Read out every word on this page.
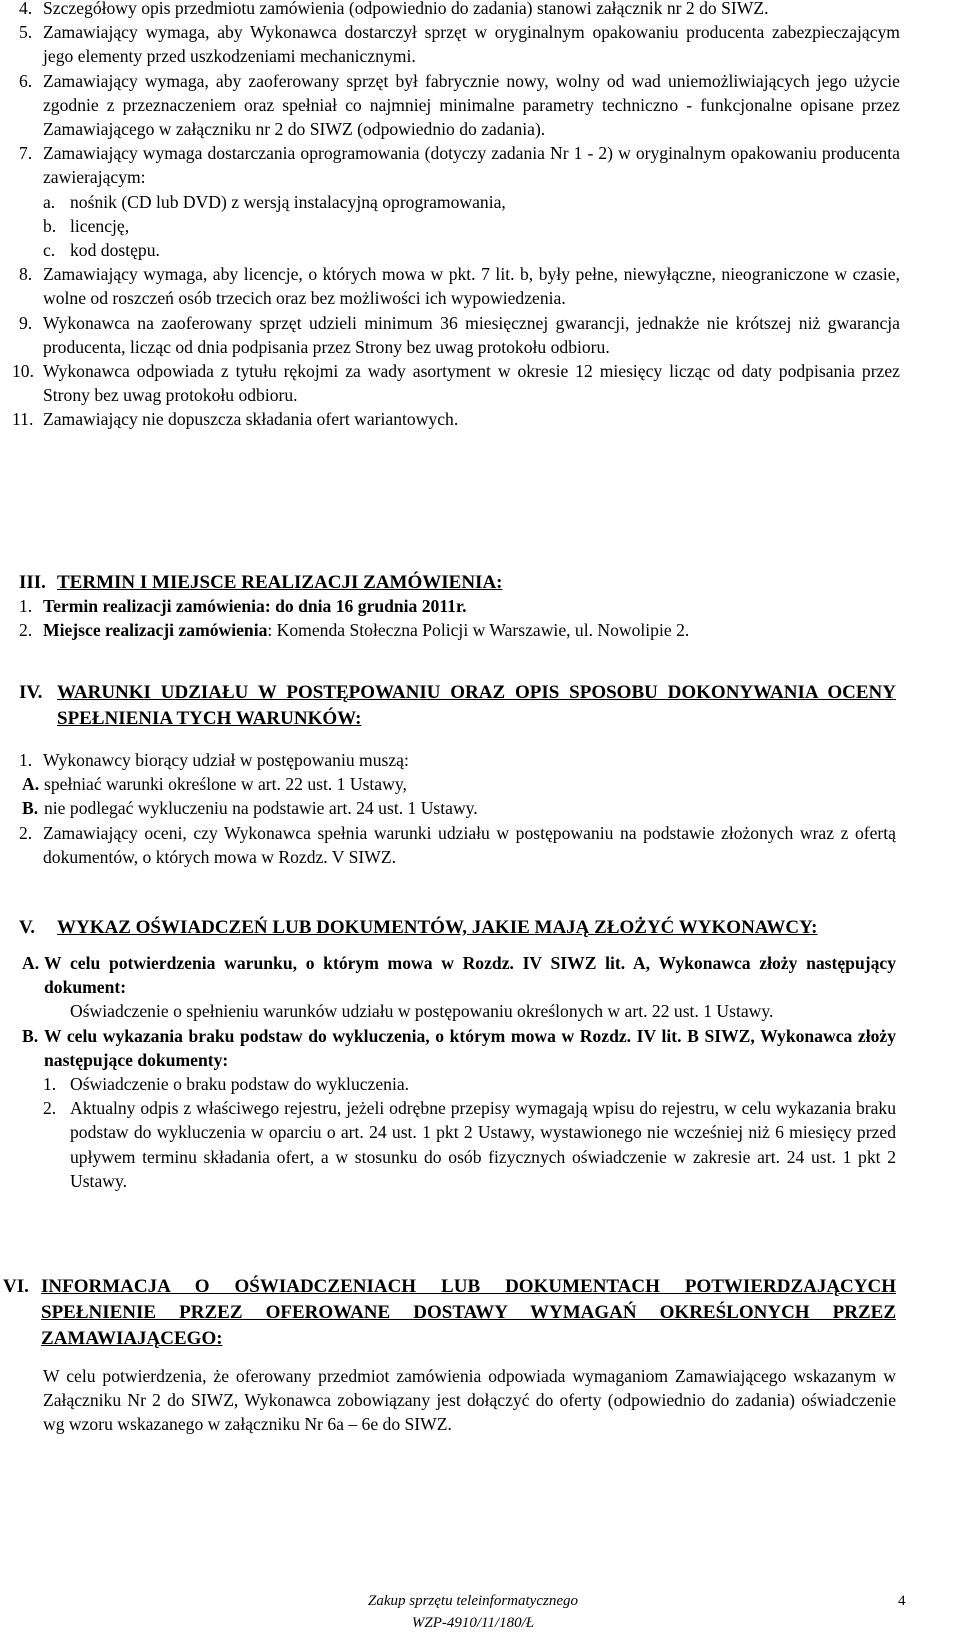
4. Szczegółowy opis przedmiotu zamówienia (odpowiednio do zadania) stanowi załącznik nr 2 do SIWZ.
5. Zamawiający wymaga, aby Wykonawca dostarczył sprzęt w oryginalnym opakowaniu producenta zabezpieczającym jego elementy przed uszkodzeniami mechanicznymi.
6. Zamawiający wymaga, aby zaoferowany sprzęt był fabrycznie nowy, wolny od wad uniemożliwiających jego użycie zgodnie z przeznaczeniem oraz spełniał co najmniej minimalne parametry techniczno - funkcjonalne opisane przez Zamawiającego w załączniku nr 2 do SIWZ (odpowiednio do zadania).
7. Zamawiający wymaga dostarczania oprogramowania (dotyczy zadania Nr 1 - 2) w oryginalnym opakowaniu producenta zawierającym:
a. nośnik (CD lub DVD) z wersją instalacyjną oprogramowania,
b. licencję,
c. kod dostępu.
8. Zamawiający wymaga, aby licencje, o których mowa w pkt. 7 lit. b, były pełne, niewyłączne, nieograniczone w czasie, wolne od roszczeń osób trzecich oraz bez możliwości ich wypowiedzenia.
9. Wykonawca na zaoferowany sprzęt udzieli minimum 36 miesięcznej gwarancji, jednakże nie krótszej niż gwarancja producenta, licząc od dnia podpisania przez Strony bez uwag protokołu odbioru.
10. Wykonawca odpowiada z tytułu rękojmi za wady asortyment w okresie 12 miesięcy licząc od daty podpisania przez Strony bez uwag protokołu odbioru.
11. Zamawiający nie dopuszcza składania ofert wariantowych.
III. TERMIN I MIEJSCE REALIZACJI ZAMÓWIENIA:
1. Termin realizacji zamówienia: do dnia 16 grudnia 2011r.
2. Miejsce realizacji zamówienia: Komenda Stołeczna Policji w Warszawie, ul. Nowolipie 2.
IV. WARUNKI UDZIAŁU W POSTĘPOWANIU ORAZ OPIS SPOSOBU DOKONYWANIA OCENY SPEŁNIENIA TYCH WARUNKÓW:
1. Wykonawcy biorący udział w postępowaniu muszą:
A. spełniać warunki określone w art. 22 ust. 1 Ustawy,
B. nie podlegać wykluczeniu na podstawie art. 24 ust. 1 Ustawy.
2. Zamawiający oceni, czy Wykonawca spełnia warunki udziału w postępowaniu na podstawie złożonych wraz z ofertą dokumentów, o których mowa w Rozdz. V SIWZ.
V. WYKAZ OŚWIADCZEŃ LUB DOKUMENTÓW, JAKIE MAJĄ ZŁOŻYĆ WYKONAWCY:
A. W celu potwierdzenia warunku, o którym mowa w Rozdz. IV SIWZ lit. A, Wykonawca złoży następujący dokument:
Oświadczenie o spełnieniu warunków udziału w postępowaniu określonych w art. 22 ust. 1 Ustawy.
B. W celu wykazania braku podstaw do wykluczenia, o którym mowa w Rozdz. IV lit. B SIWZ, Wykonawca złoży następujące dokumenty:
1. Oświadczenie o braku podstaw do wykluczenia.
2. Aktualny odpis z właściwego rejestru, jeżeli odrębne przepisy wymagają wpisu do rejestru, w celu wykazania braku podstaw do wykluczenia w oparciu o art. 24 ust. 1 pkt 2 Ustawy, wystawionego nie wcześniej niż 6 miesięcy przed upływem terminu składania ofert, a w stosunku do osób fizycznych oświadczenie w zakresie art. 24 ust. 1 pkt 2 Ustawy.
VI. INFORMACJA O OŚWIADCZENIACH LUB DOKUMENTACH POTWIERDZAJĄCYCH SPEŁNIENIE PRZEZ OFEROWANE DOSTAWY WYMAGAŃ OKREŚLONYCH PRZEZ ZAMAWIAJĄCEGO:
W celu potwierdzenia, że oferowany przedmiot zamówienia odpowiada wymaganiom Zamawiającego wskazanym w Załączniku Nr 2 do SIWZ, Wykonawca zobowiązany jest dołączyć do oferty (odpowiednio do zadania) oświadczenie wg wzoru wskazanego w załączniku Nr 6a – 6e do SIWZ.
Zakup sprzętu teleinformatycznego
WZP-4910/11/180/Ł
4
